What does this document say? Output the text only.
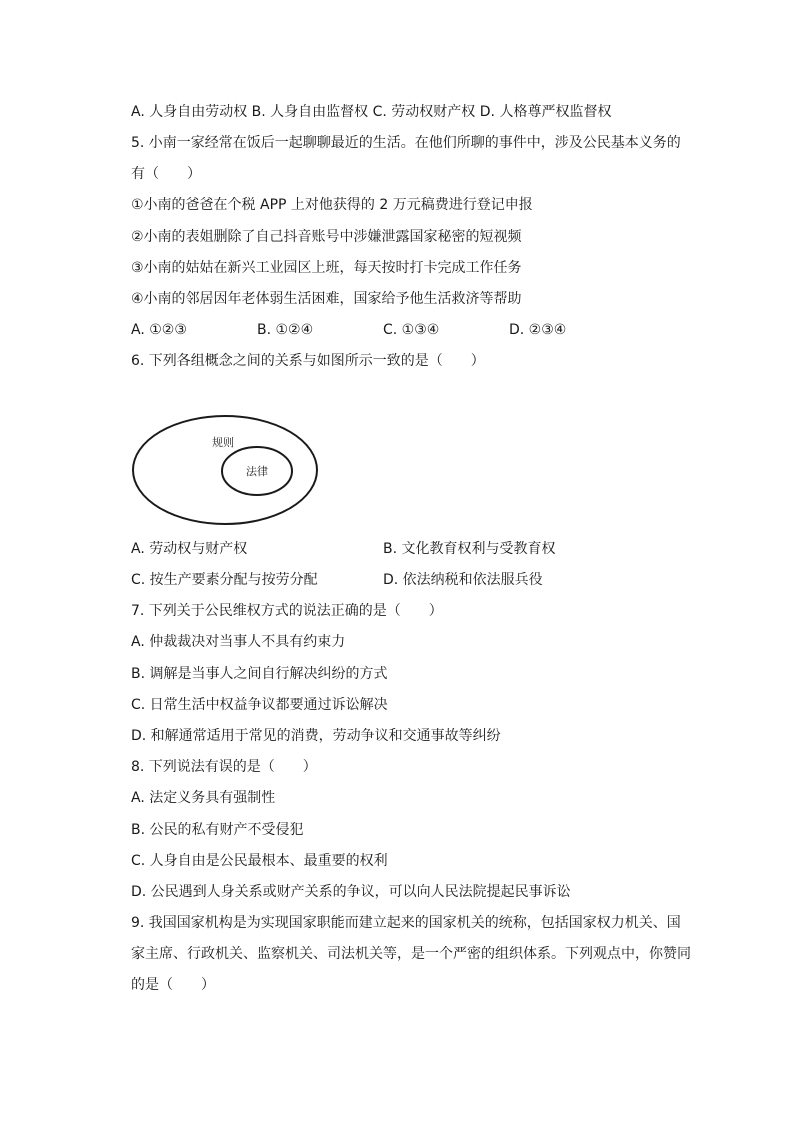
A. 人身自由劳动权 B. 人身自由监督权 C. 劳动权财产权 D. 人格尊严权监督权
5. 小南一家经常在饭后一起聊聊最近的生活。在他们所聊的事件中，涉及公民基本义务的
有（　　）
①小南的爸爸在个税 APP 上对他获得的 2 万元稿费进行登记申报
②小南的表姐删除了自己抖音账号中涉嫌泄露国家秘密的短视频
③小南的姑姑在新兴工业园区上班，每天按时打卡完成工作任务
④小南的邻居因年老体弱生活困难，国家给予他生活救济等帮助
A. ①②③	B. ①②④	C. ①③④	D. ②③④
6. 下列各组概念之间的关系与如图所示一致的是（　　）
规则
法律
A. 劳动权与财产权	B. 文化教育权利与受教育权
C. 按生产要素分配与按劳分配	D. 依法纳税和依法服兵役
7. 下列关于公民维权方式的说法正确的是（　　）
A. 仲裁裁决对当事人不具有约束力
B. 调解是当事人之间自行解决纠纷的方式
C. 日常生活中权益争议都要通过诉讼解决
D. 和解通常适用于常见的消费，劳动争议和交通事故等纠纷
8. 下列说法有误的是（　　）
A. 法定义务具有强制性
B. 公民的私有财产不受侵犯
C. 人身自由是公民最根本、最重要的权利
D. 公民遇到人身关系或财产关系的争议，可以向人民法院提起民事诉讼
9. 我国国家机构是为实现国家职能而建立起来的国家机关的统称，包括国家权力机关、国
家主席、行政机关、监察机关、司法机关等，是一个严密的组织体系。下列观点中，你赞同
的是（　　）
